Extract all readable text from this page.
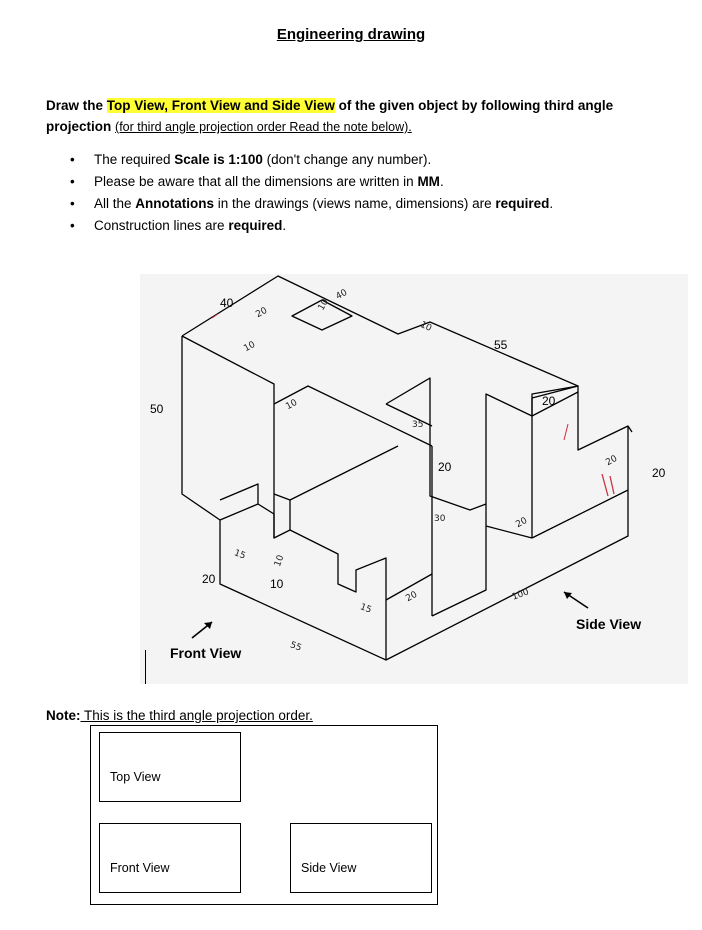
Engineering drawing
Draw the Top View, Front View and Side View of the given object by following third angle
projection (for third angle projection order Read the note below).
• The required Scale is 1:100 (don't change any number).
• Please be aware that all the dimensions are written in MM.
• All the Annotations in the drawings (views name, dimensions) are required.
• Construction lines are required.
40
55
50
20
20	20
20	10
40
20
10
10
10
10
35
30	20
20
20
15
15
10
100
55
Front View
Side View
Note: This is the third angle projection order.
Top View
Front View	Side View
